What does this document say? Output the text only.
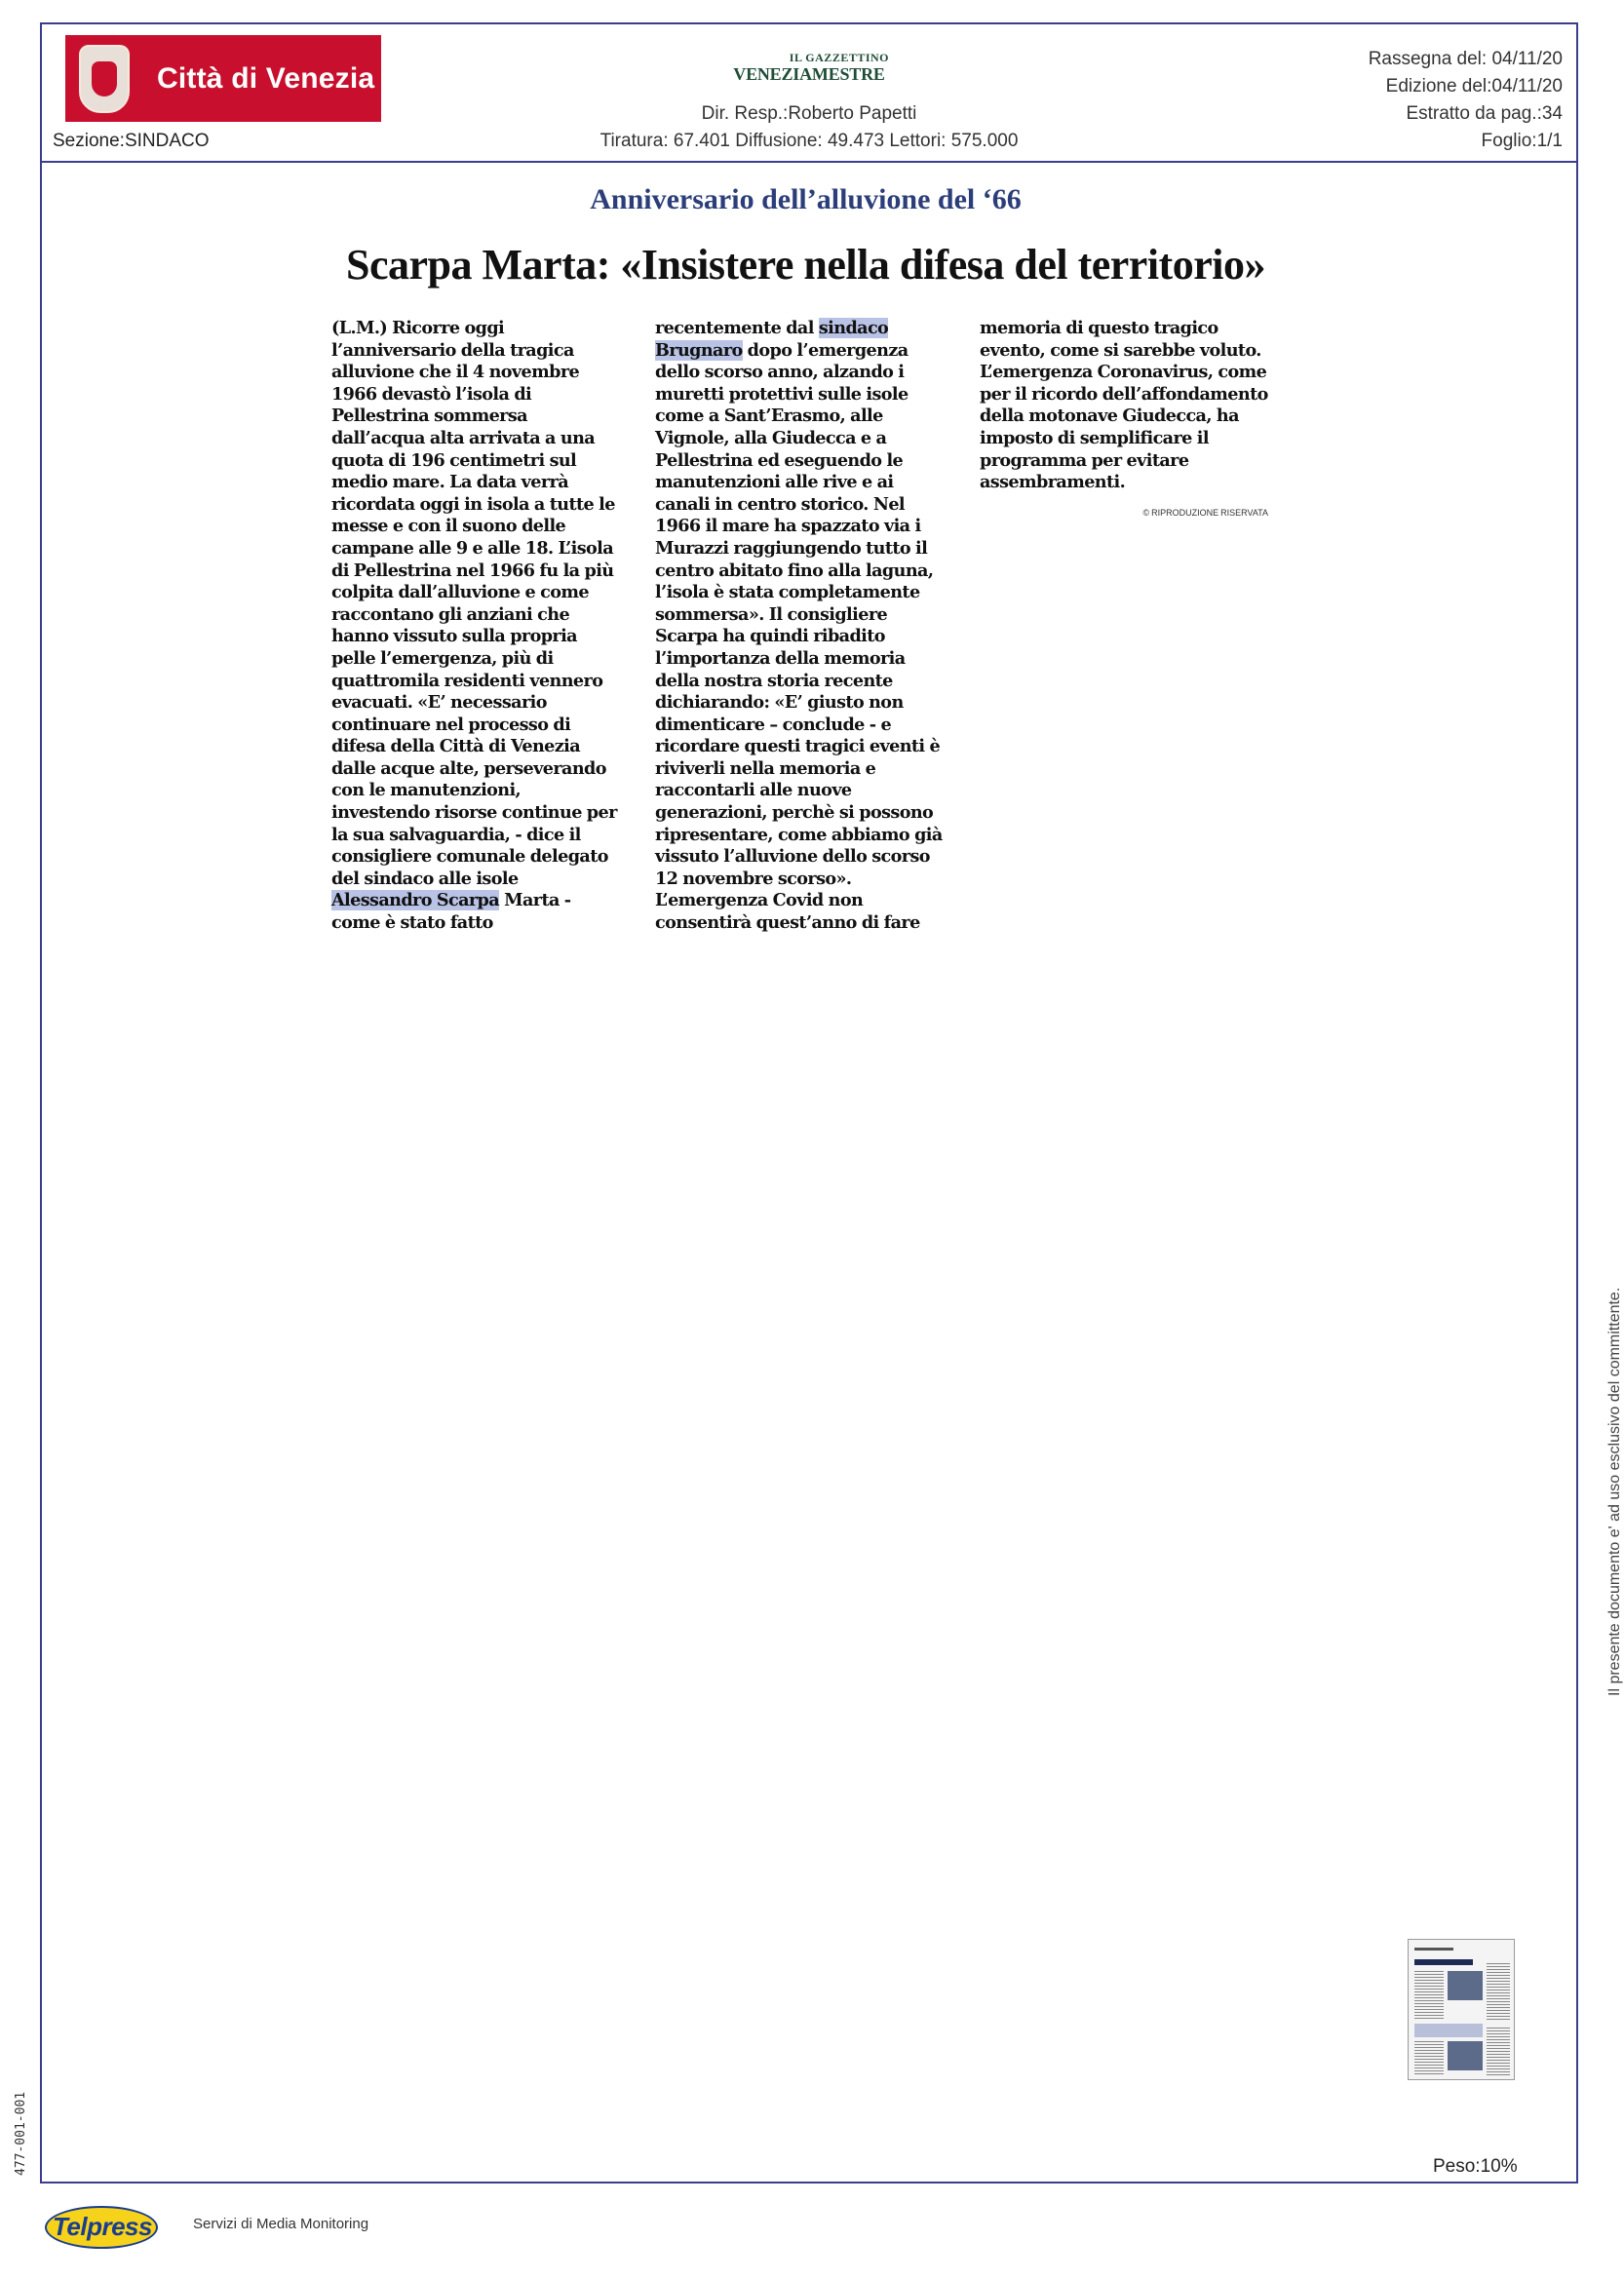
Città di Venezia
Sezione:SINDACO
IL GAZZETTINO
VENEZIAMESTRE
Dir. Resp.:Roberto Papetti
Tiratura: 67.401 Diffusione: 49.473 Lettori: 575.000
Rassegna del: 04/11/20
Edizione del:04/11/20
Estratto da pag.:34
Foglio:1/1
Anniversario dell’alluvione del ‘66
Scarpa Marta: «Insistere nella difesa del territorio»

(L.M.) Ricorre oggi l’anniversario della tragica alluvione che il 4 novembre 1966 devastò l’isola di Pellestrina sommersa dall’acqua alta arrivata a una quota di 196 centimetri sul medio mare. La data verrà ricordata oggi in isola a tutte le messe e con il suono delle campane alle 9 e alle 18. L’isola di Pellestrina nel 1966 fu la più colpita dall’alluvione e come raccontano gli anziani che hanno vissuto sulla propria pelle l’emergenza, più di quattromila residenti vennero evacuati. «E’ necessario continuare nel processo di difesa della Città di Venezia dalle acque alte, perseverando con le manutenzioni, investendo risorse continue per la sua salvaguardia, - dice il consigliere comunale delegato del sindaco alle isole Alessandro Scarpa Marta - come è stato fatto

recentemente dal sindaco Brugnaro dopo l’emergenza dello scorso anno, alzando i muretti protettivi sulle isole come a Sant’Erasmo, alle Vignole, alla Giudecca e a Pellestrina ed eseguendo le manutenzioni alle rive e ai canali in centro storico. Nel 1966 il mare ha spazzato via i Murazzi raggiungendo tutto il centro abitato fino alla laguna, l’isola è stata completamente sommersa». Il consigliere Scarpa ha quindi ribadito l’importanza della memoria della nostra storia recente dichiarando: «E’ giusto non dimenticare – conclude - e ricordare questi tragici eventi è riviverli nella memoria e raccontarli alle nuove generazioni, perchè si possono ripresentare, come abbiamo già vissuto l’alluvione dello scorso 12 novembre scorso». L’emergenza Covid non consentirà quest’anno di fare

memoria di questo tragico evento, come si sarebbe voluto. L’emergenza Coronavirus, come per il ricordo dell’affondamento della motonave Giudecca, ha imposto di semplificare il programma per evitare assembramenti.

© RIPRODUZIONE RISERVATA
Peso:10%
Il presente documento e' ad uso esclusivo del committente.
477-001-001
Telpress	Servizi di Media Monitoring
